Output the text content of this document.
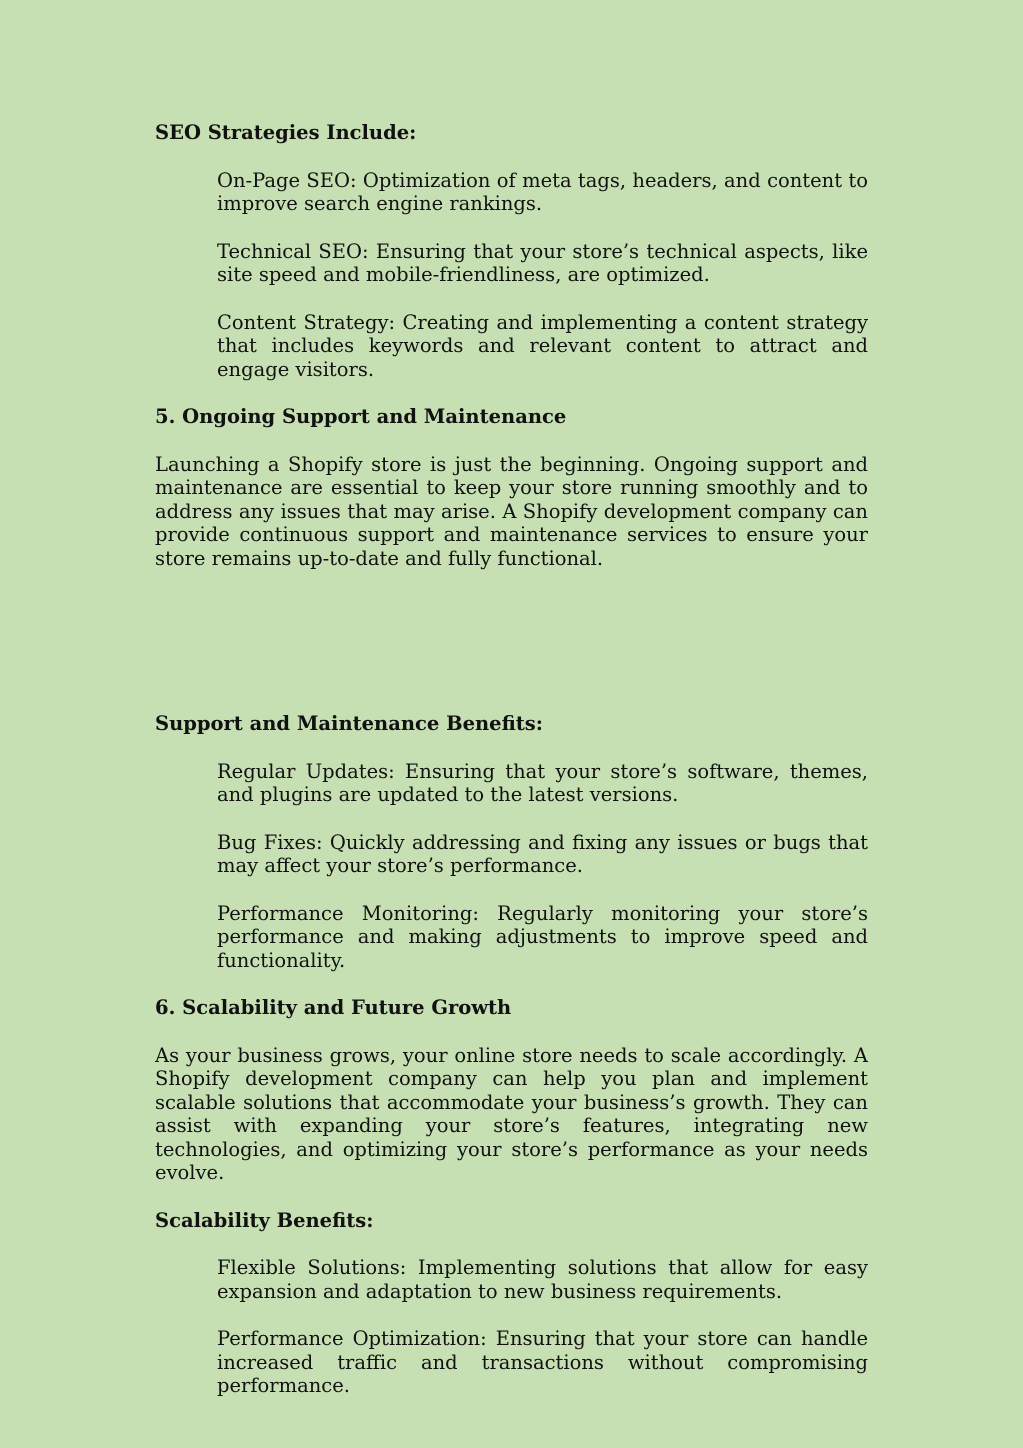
SEO Strategies Include:
On-Page SEO: Optimization of meta tags, headers, and content to improve search engine rankings.
Technical SEO: Ensuring that your store’s technical aspects, like site speed and mobile-friendliness, are optimized.
Content Strategy: Creating and implementing a content strategy that includes keywords and relevant content to attract and engage visitors.
5. Ongoing Support and Maintenance
Launching a Shopify store is just the beginning. Ongoing support and maintenance are essential to keep your store running smoothly and to address any issues that may arise. A Shopify development company can provide continuous support and maintenance services to ensure your store remains up-to-date and fully functional.
Support and Maintenance Benefits:
Regular Updates: Ensuring that your store’s software, themes, and plugins are updated to the latest versions.
Bug Fixes: Quickly addressing and fixing any issues or bugs that may affect your store’s performance.
Performance Monitoring: Regularly monitoring your store’s performance and making adjustments to improve speed and functionality.
6. Scalability and Future Growth
As your business grows, your online store needs to scale accordingly. A Shopify development company can help you plan and implement scalable solutions that accommodate your business’s growth. They can assist with expanding your store’s features, integrating new technologies, and optimizing your store’s performance as your needs evolve.
Scalability Benefits:
Flexible Solutions: Implementing solutions that allow for easy expansion and adaptation to new business requirements.
Performance Optimization: Ensuring that your store can handle increased traffic and transactions without compromising performance.
